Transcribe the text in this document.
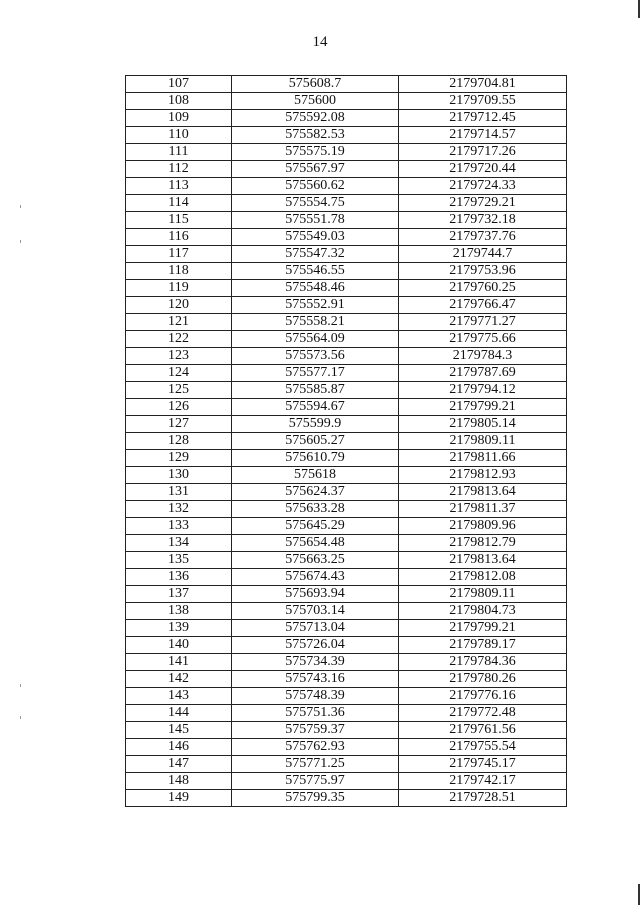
14
107	575608.7	2179704.81
108	575600	2179709.55
109	575592.08	2179712.45
110	575582.53	2179714.57
111	575575.19	2179717.26
112	575567.97	2179720.44
113	575560.62	2179724.33
114	575554.75	2179729.21
115	575551.78	2179732.18
116	575549.03	2179737.76
117	575547.32	2179744.7
118	575546.55	2179753.96
119	575548.46	2179760.25
120	575552.91	2179766.47
121	575558.21	2179771.27
122	575564.09	2179775.66
123	575573.56	2179784.3
124	575577.17	2179787.69
125	575585.87	2179794.12
126	575594.67	2179799.21
127	575599.9	2179805.14
128	575605.27	2179809.11
129	575610.79	2179811.66
130	575618	2179812.93
131	575624.37	2179813.64
132	575633.28	2179811.37
133	575645.29	2179809.96
134	575654.48	2179812.79
135	575663.25	2179813.64
136	575674.43	2179812.08
137	575693.94	2179809.11
138	575703.14	2179804.73
139	575713.04	2179799.21
140	575726.04	2179789.17
141	575734.39	2179784.36
142	575743.16	2179780.26
143	575748.39	2179776.16
144	575751.36	2179772.48
145	575759.37	2179761.56
146	575762.93	2179755.54
147	575771.25	2179745.17
148	575775.97	2179742.17
149	575799.35	2179728.51
